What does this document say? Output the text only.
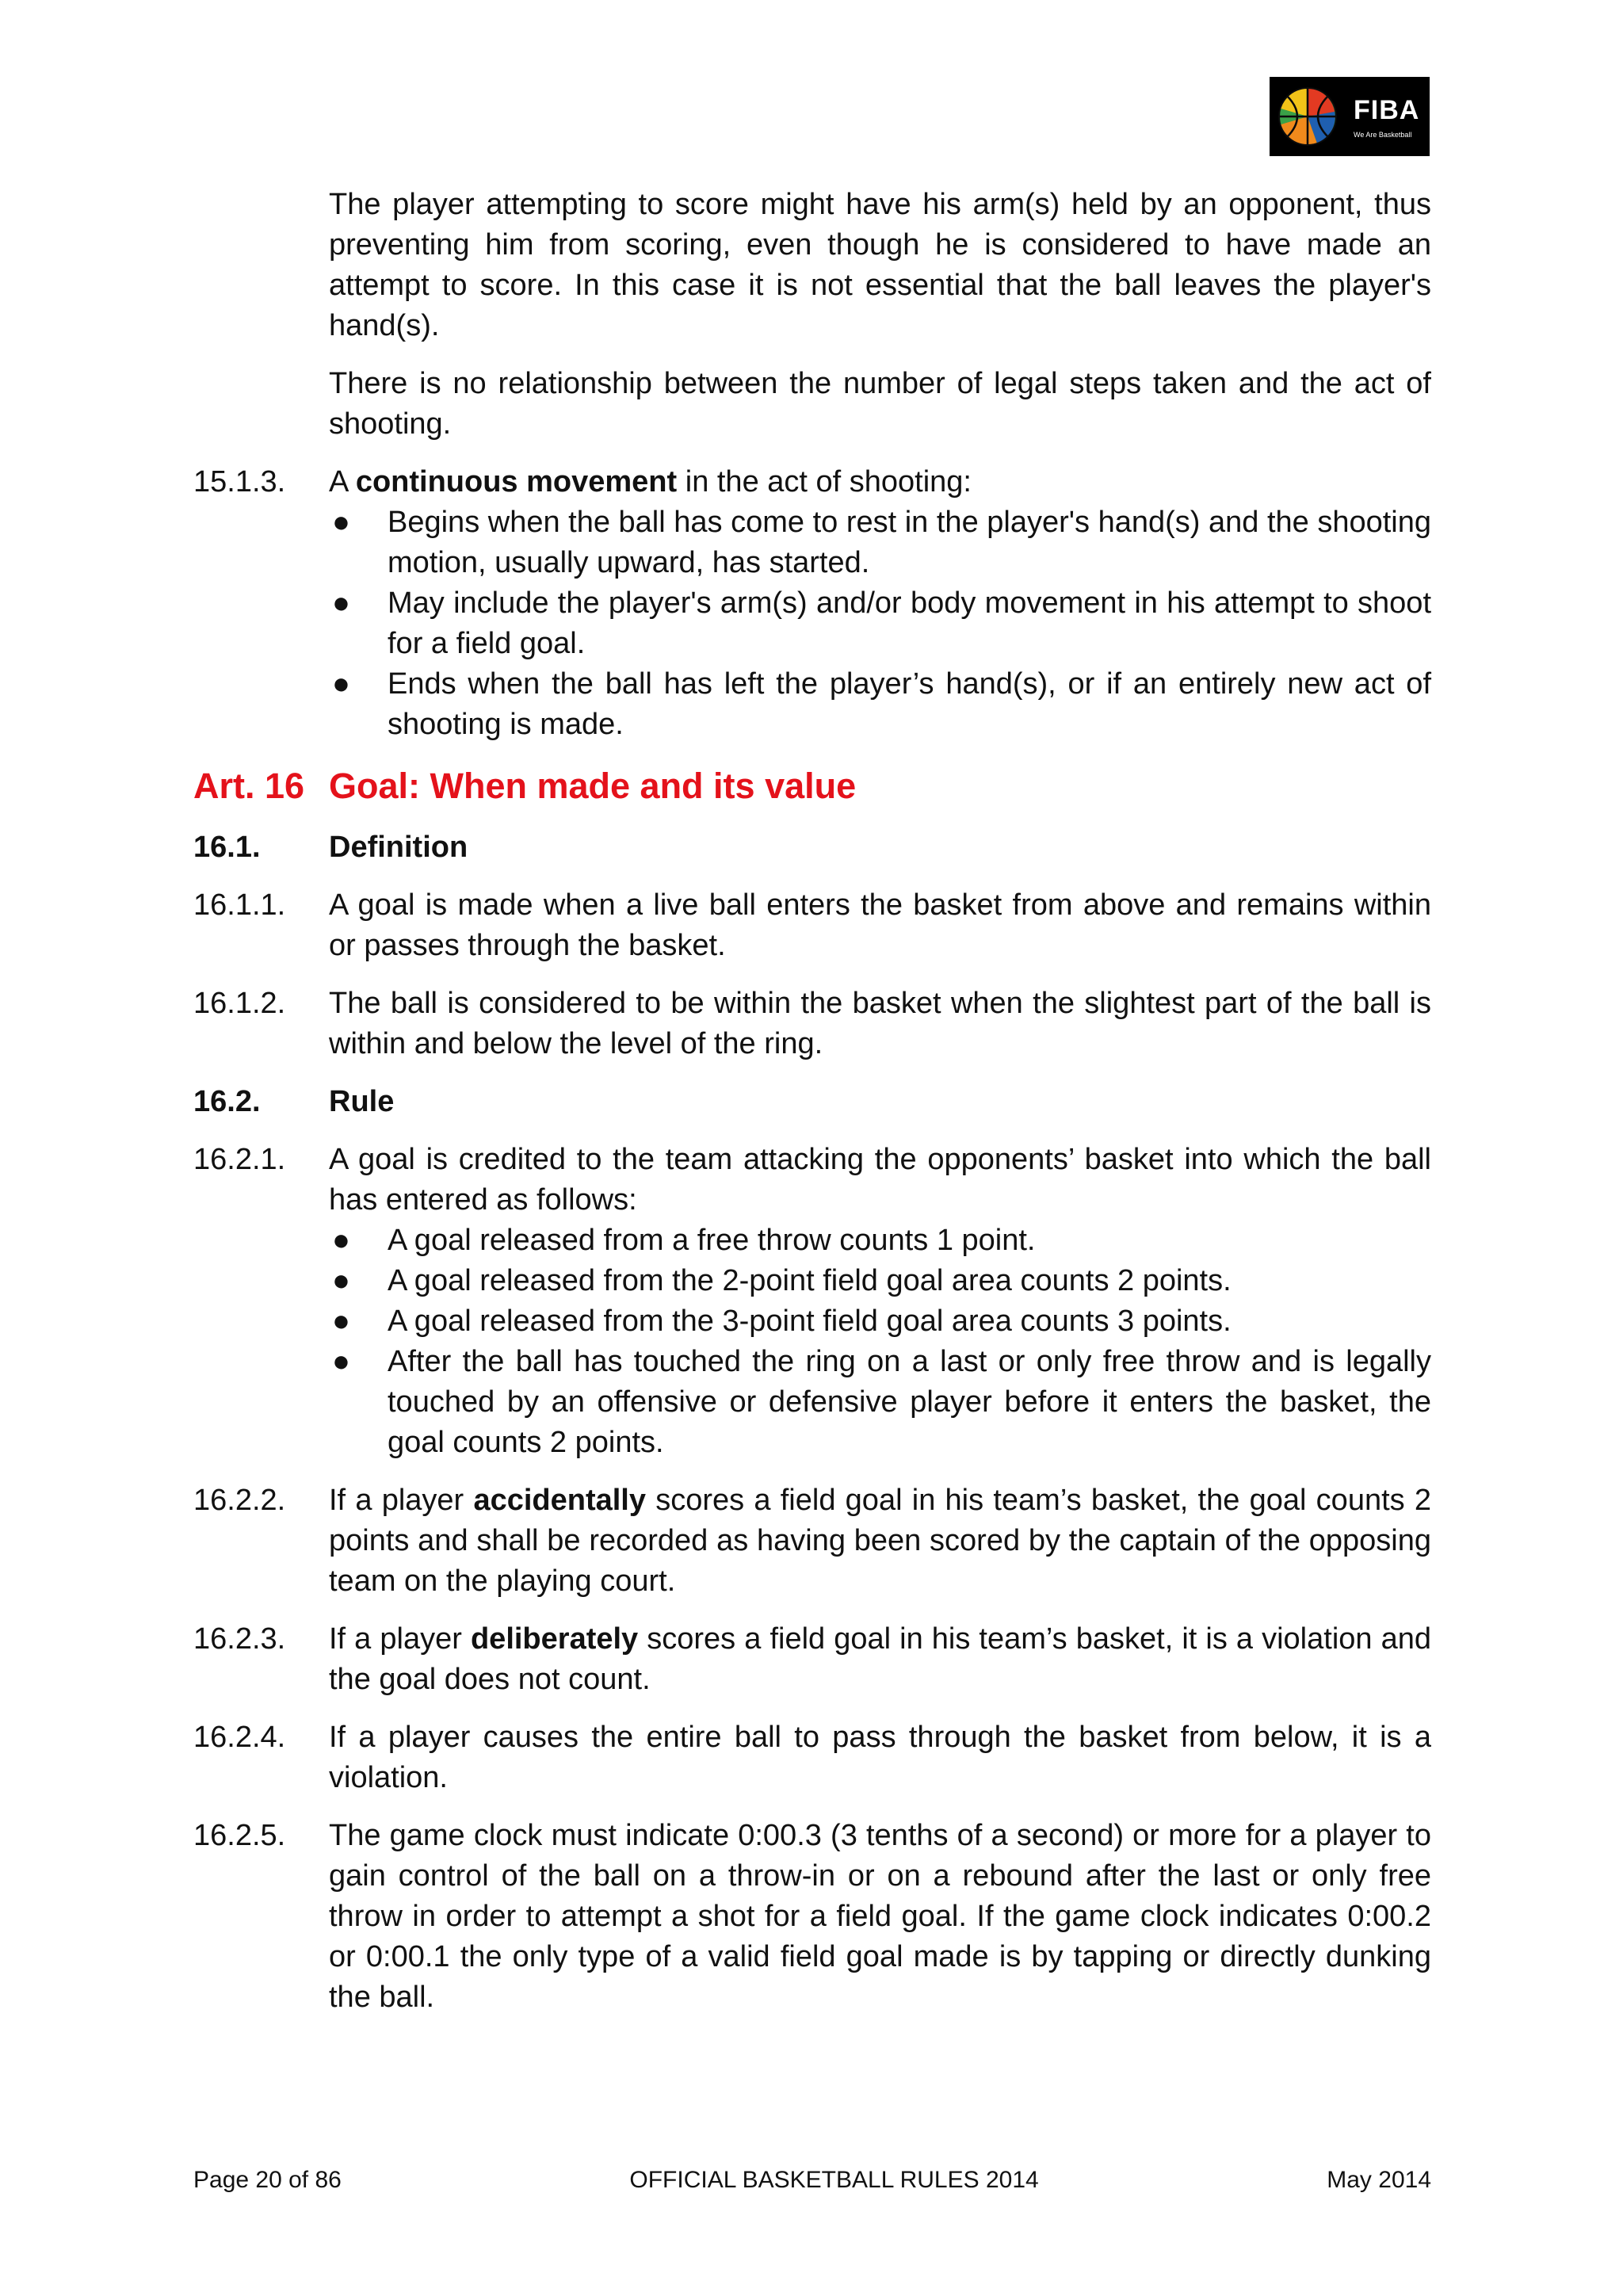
FIBA
We Are Basketball

The player attempting to score might have his arm(s) held by an opponent, thus preventing him from scoring, even though he is considered to have made an attempt to score. In this case it is not essential that the ball leaves the player's hand(s).

There is no relationship between the number of legal steps taken and the act of shooting.

15.1.3.	A continuous movement in the act of shooting:
●	Begins when the ball has come to rest in the player's hand(s) and the shooting motion, usually upward, has started.
●	May include the player's arm(s) and/or body movement in his attempt to shoot for a field goal.
●	Ends when the ball has left the player’s hand(s), or if an entirely new act of shooting is made.
Art. 16 Goal: When made and its value
16.1.	Definition
16.1.1.	A goal is made when a live ball enters the basket from above and remains within or passes through the basket.
16.1.2.	The ball is considered to be within the basket when the slightest part of the ball is within and below the level of the ring.
16.2.	Rule
16.2.1.	A goal is credited to the team attacking the opponents’ basket into which the ball has entered as follows:
●	A goal released from a free throw counts 1 point.
●	A goal released from the 2-point field goal area counts 2 points.
●	A goal released from the 3-point field goal area counts 3 points.
●	After the ball has touched the ring on a last or only free throw and is legally touched by an offensive or defensive player before it enters the basket, the goal counts 2 points.
16.2.2.	If a player accidentally scores a field goal in his team’s basket, the goal counts 2 points and shall be recorded as having been scored by the captain of the opposing team on the playing court.
16.2.3.	If a player deliberately scores a field goal in his team’s basket, it is a violation and the goal does not count.
16.2.4.	If a player causes the entire ball to pass through the basket from below, it is a violation.
16.2.5.	The game clock must indicate 0:00.3 (3 tenths of a second) or more for a player to gain control of the ball on a throw-in or on a rebound after the last or only free throw in order to attempt a shot for a field goal. If the game clock indicates 0:00.2 or 0:00.1 the only type of a valid field goal made is by tapping or directly dunking the ball.
Page 20 of 86	OFFICIAL BASKETBALL RULES 2014	May 2014
